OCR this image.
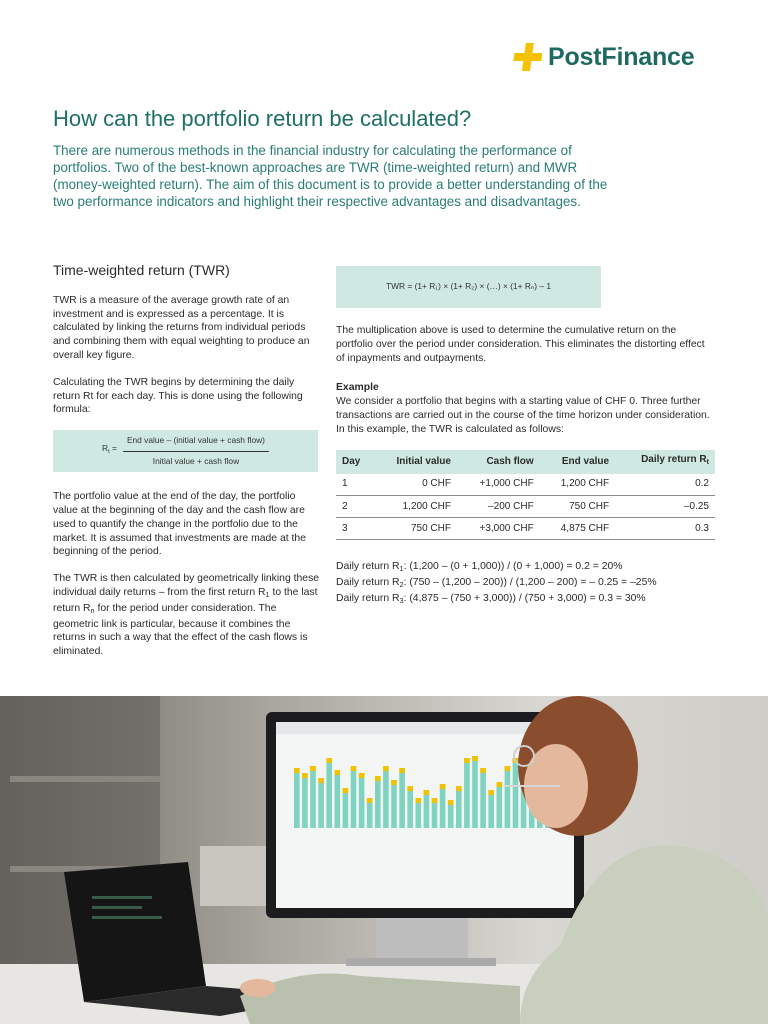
PostFinance
How can the portfolio return be calculated?

There are numerous methods in the financial industry for calculating the performance of portfolios. Two of the best-known approaches are TWR (time-weighted return) and MWR (money-weighted return). The aim of this document is to provide a better understanding of the two performance indicators and highlight their respective advantages and disadvantages.

Time-weighted return (TWR)

TWR is a measure of the average growth rate of an investment and is expressed as a percentage. It is calculated by linking the returns from individual periods and combining them with equal weighting to produce an overall key figure.

Calculating the TWR begins by determining the daily return Rt for each day. This is done using the following formula:

$R_t = \frac{\text{End value – (initial value + cash flow)}}{\text{Initial value + cash flow}}$

The portfolio value at the end of the day, the portfolio value at the beginning of the day and the cash flow are used to quantify the change in the portfolio due to the market. It is assumed that investments are made at the beginning of the period.

The TWR is then calculated by geometrically linking these individual daily returns – from the first return $R_1$ to the last return $R_n$ for the period under consideration. The geometric link is particular, because it combines the returns in such a way that the effect of the cash flows is eliminated.

TWR = (1+ R₁) × (1+ R₂) × (…) × (1+ Rₙ) – 1

The multiplication above is used to determine the cumulative return on the portfolio over the period under consideration. This eliminates the distorting effect of inpayments and outpayments.

Example

We consider a portfolio that begins with a starting value of CHF 0. Three further transactions are carried out in the course of the time horizon under consideration. In this example, the TWR is calculated as follows:

Day	Initial value	Cash flow	End value	Daily return $R_t$
1	0 CHF	+1,000 CHF	1,200 CHF	0.2
2	1,200 CHF	–200 CHF	750 CHF	–0.25
3	750 CHF	+3,000 CHF	4,875 CHF	0.3
Daily return $R_1$: (1,200 – (0 + 1,000)) / (0 + 1,000) = 0.2 = 20%
Daily return $R_2$: (750 – (1,200 – 200)) / (1,200 – 200) = – 0.25 = –25%
Daily return $R_3$: (4,875 – (750 + 3,000)) / (750 + 3,000) = 0.3 = 30%
